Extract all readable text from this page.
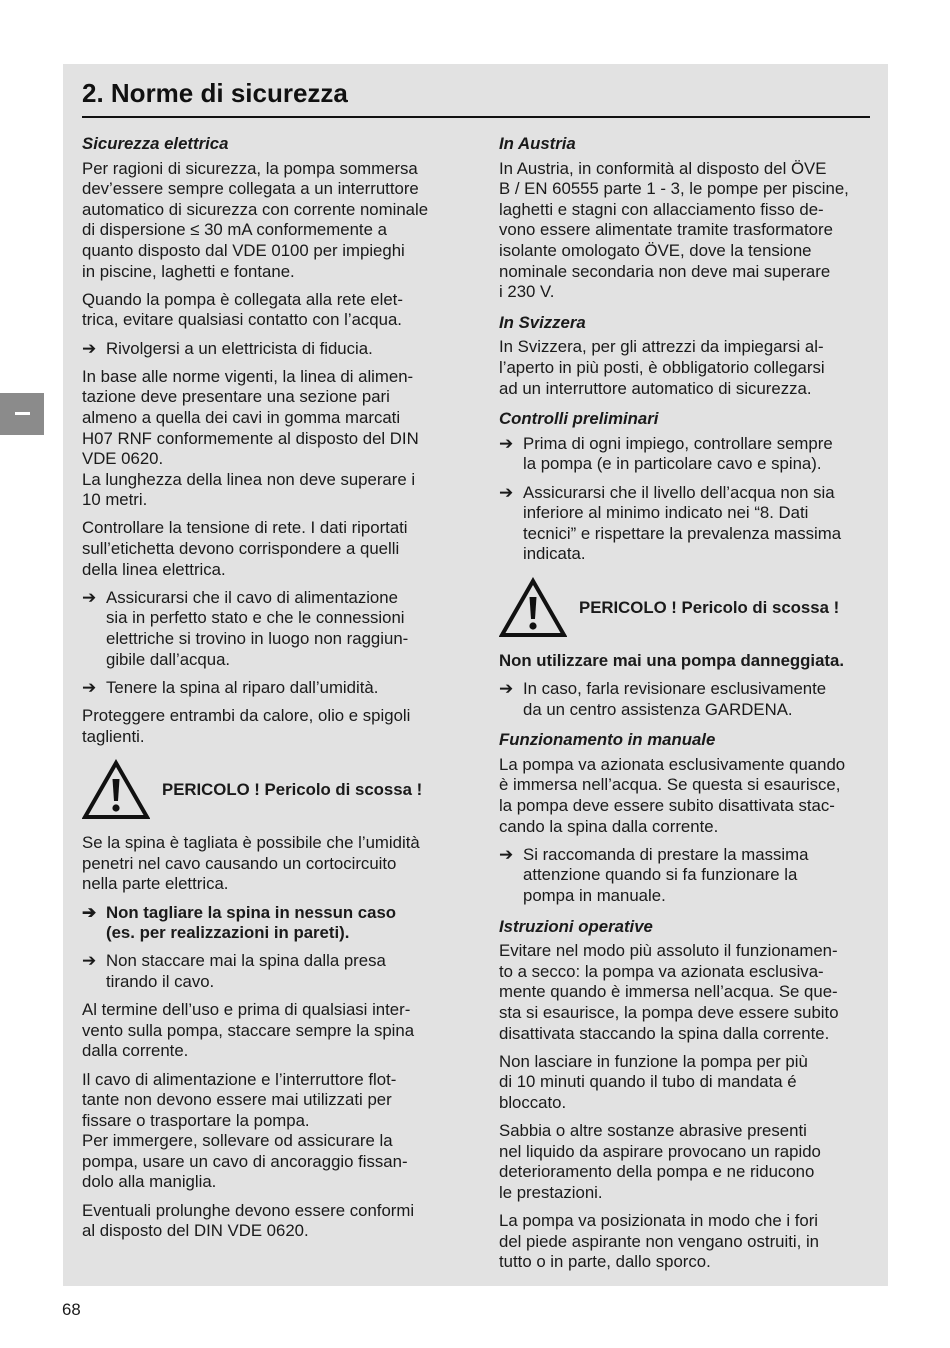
2. Norme di sicurezza

Sicurezza elettrica

Per ragioni di sicurezza, la pompa sommersa
dev’essere sempre collegata a un interruttore
automatico di sicurezza con corrente nominale
di dispersione ≤ 30 mA conformemente a
quanto disposto dal VDE 0100 per impieghi
in piscine, laghetti e fontane.

Quando la pompa è collegata alla rete elet-
trica, evitare qualsiasi contatto con l’acqua.

➔ Rivolgersi a un elettricista di fiducia.

In base alle norme vigenti, la linea di alimen-
tazione deve presentare una sezione pari
almeno a quella dei cavi in gomma marcati
H07 RNF conformemente al disposto del DIN
VDE 0620.
La lunghezza della linea non deve superare i
10 metri.

Controllare la tensione di rete. I dati riportati
sull’etichetta devono corrispondere a quelli
della linea elettrica.

➔ Assicurarsi che il cavo di alimentazione
sia in perfetto stato e che le connessioni
elettriche si trovino in luogo non raggiun-
gibile dall’acqua.
➔ Tenere la spina al riparo dall’umidità.

Proteggere entrambi da calore, olio e spigoli
taglienti.

PERICOLO ! Pericolo di scossa !

Se la spina è tagliata è possibile che l’umidità
penetri nel cavo causando un cortocircuito
nella parte elettrica.

➔ Non tagliare la spina in nessun caso
(es. per realizzazioni in pareti).
➔ Non staccare mai la spina dalla presa
tirando il cavo.

Al termine dell’uso e prima di qualsiasi inter-
vento sulla pompa, staccare sempre la spina
dalla corrente.

Il cavo di alimentazione e l’interruttore flot-
tante non devono essere mai utilizzati per
fissare o trasportare la pompa.
Per immergere, sollevare od assicurare la
pompa, usare un cavo di ancoraggio fissan-
dolo alla maniglia.

Eventuali prolunghe devono essere conformi
al disposto del DIN VDE 0620.

In Austria

In Austria, in conformità al disposto del ÖVE
B / EN 60555 parte 1 - 3, le pompe per piscine,
laghetti e stagni con allacciamento fisso de-
vono essere alimentate tramite trasformatore
isolante omologato ÖVE, dove la tensione
nominale secondaria non deve mai superare
i 230 V.

In Svizzera

In Svizzera, per gli attrezzi da impiegarsi al-
l’aperto in più posti, è obbligatorio collegarsi
ad un interruttore automatico di sicurezza.

Controlli preliminari

➔ Prima di ogni impiego, controllare sempre
la pompa (e in particolare cavo e spina).
➔ Assicurarsi che il livello dell’acqua non sia
inferiore al minimo indicato nei “8. Dati
tecnici” e rispettare la prevalenza massima
indicata.
PERICOLO ! Pericolo di scossa !

Non utilizzare mai una pompa danneggiata.

➔ In caso, farla revisionare esclusivamente
da un centro assistenza GARDENA.

Funzionamento in manuale

La pompa va azionata esclusivamente quando
è immersa nell’acqua. Se questa si esaurisce,
la pompa deve essere subito disattivata stac-
cando la spina dalla corrente.

➔ Si raccomanda di prestare la massima
attenzione quando si fa funzionare la
pompa in manuale.

Istruzioni operative

Evitare nel modo più assoluto il funzionamen-
to a secco: la pompa va azionata esclusiva-
mente quando è immersa nell’acqua. Se que-
sta si esaurisce, la pompa deve essere subito
disattivata staccando la spina dalla corrente.

Non lasciare in funzione la pompa per più
di 10 minuti quando il tubo di mandata é
bloccato.

Sabbia o altre sostanze abrasive presenti
nel liquido da aspirare provocano un rapido
deterioramento della pompa e ne riducono
le prestazioni.

La pompa va posizionata in modo che i fori
del piede aspirante non vengano ostruiti, in
tutto o in parte, dallo sporco.

68
